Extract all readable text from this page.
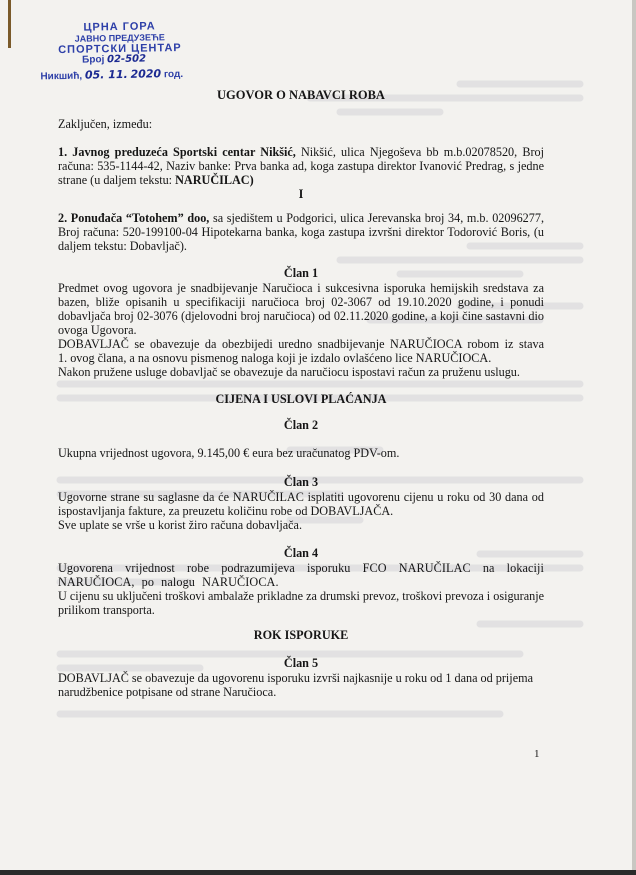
ЦРНА ГОРА
ЈАВНО ПРЕДУЗЕЋЕ
СПОРТСКИ ЦЕНТАР
Број 02-502
Никшић, 05. 11. 2020 год.
UGOVOR O NABAVCI ROBA
Zaključen, između:
1. Javnog preduzeća Sportski centar Nikšić, Nikšić, ulica Njegoševa bb m.b.02078520, Broj računa: 535-1144-42, Naziv banke: Prva banka ad, koga zastupa direktor Ivanović Predrag, s jedne strane (u daljem tekstu: NARUČILAC)
I
2. Ponuđača “Totohem” doo, sa sjedištem u Podgorici, ulica Jerevanska broj 34, m.b. 02096277, Broj računa: 520-199100-04 Hipotekarna banka, koga zastupa izvršni direktor Todorović Boris, (u daljem tekstu: Dobavljač).
Član 1
Predmet ovog ugovora je snadbijevanje Naručioca i sukcesivna isporuka hemijskih sredstava za bazen, bliže opisanih u specifikaciji naručioca broj 02-3067 od 19.10.2020 godine, i ponudi dobavljača broj 02-3076 (djelovodni broj naručioca) od 02.11.2020 godine, a koji čine sastavni dio ovoga Ugovora.
DOBAVLJAČ se obavezuje da obezbijedi uredno snadbijevanje NARUČIOCA robom iz stava
1. ovog člana, a na osnovu pismenog naloga koji je izdalo ovlašćeno lice NARUČIOCA.
Nakon pružene usluge dobavljač se obavezuje da naručiocu ispostavi račun za pruženu uslugu.
CIJENA I USLOVI PLAĆANJA
Član 2
Ukupna vrijednost ugovora, 9.145,00 € eura bez uračunatog PDV-om.
Član 3
Ugovorne strane su saglasne da će NARUČILAC isplatiti ugovorenu cijenu u roku od 30 dana od ispostavljanja fakture, za preuzetu količinu robe od DOBAVLJAČA.
Sve uplate se vrše u korist žiro računa dobavljača.
Član 4
Ugovorena vrijednost robe podrazumijeva isporuku FCO NARUČILAC na lokaciji NARUČIOCA, po nalogu NARUČIOCA.
U cijenu su uključeni troškovi ambalaže prikladne za drumski prevoz, troškovi prevoza i osiguranje prilikom transporta.
ROK ISPORUKE
Član 5
DOBAVLJAČ se obavezuje da ugovorenu isporuku izvrši najkasnije u roku od 1 dana od prijema narudžbenice potpisane od strane Naručioca.
1
